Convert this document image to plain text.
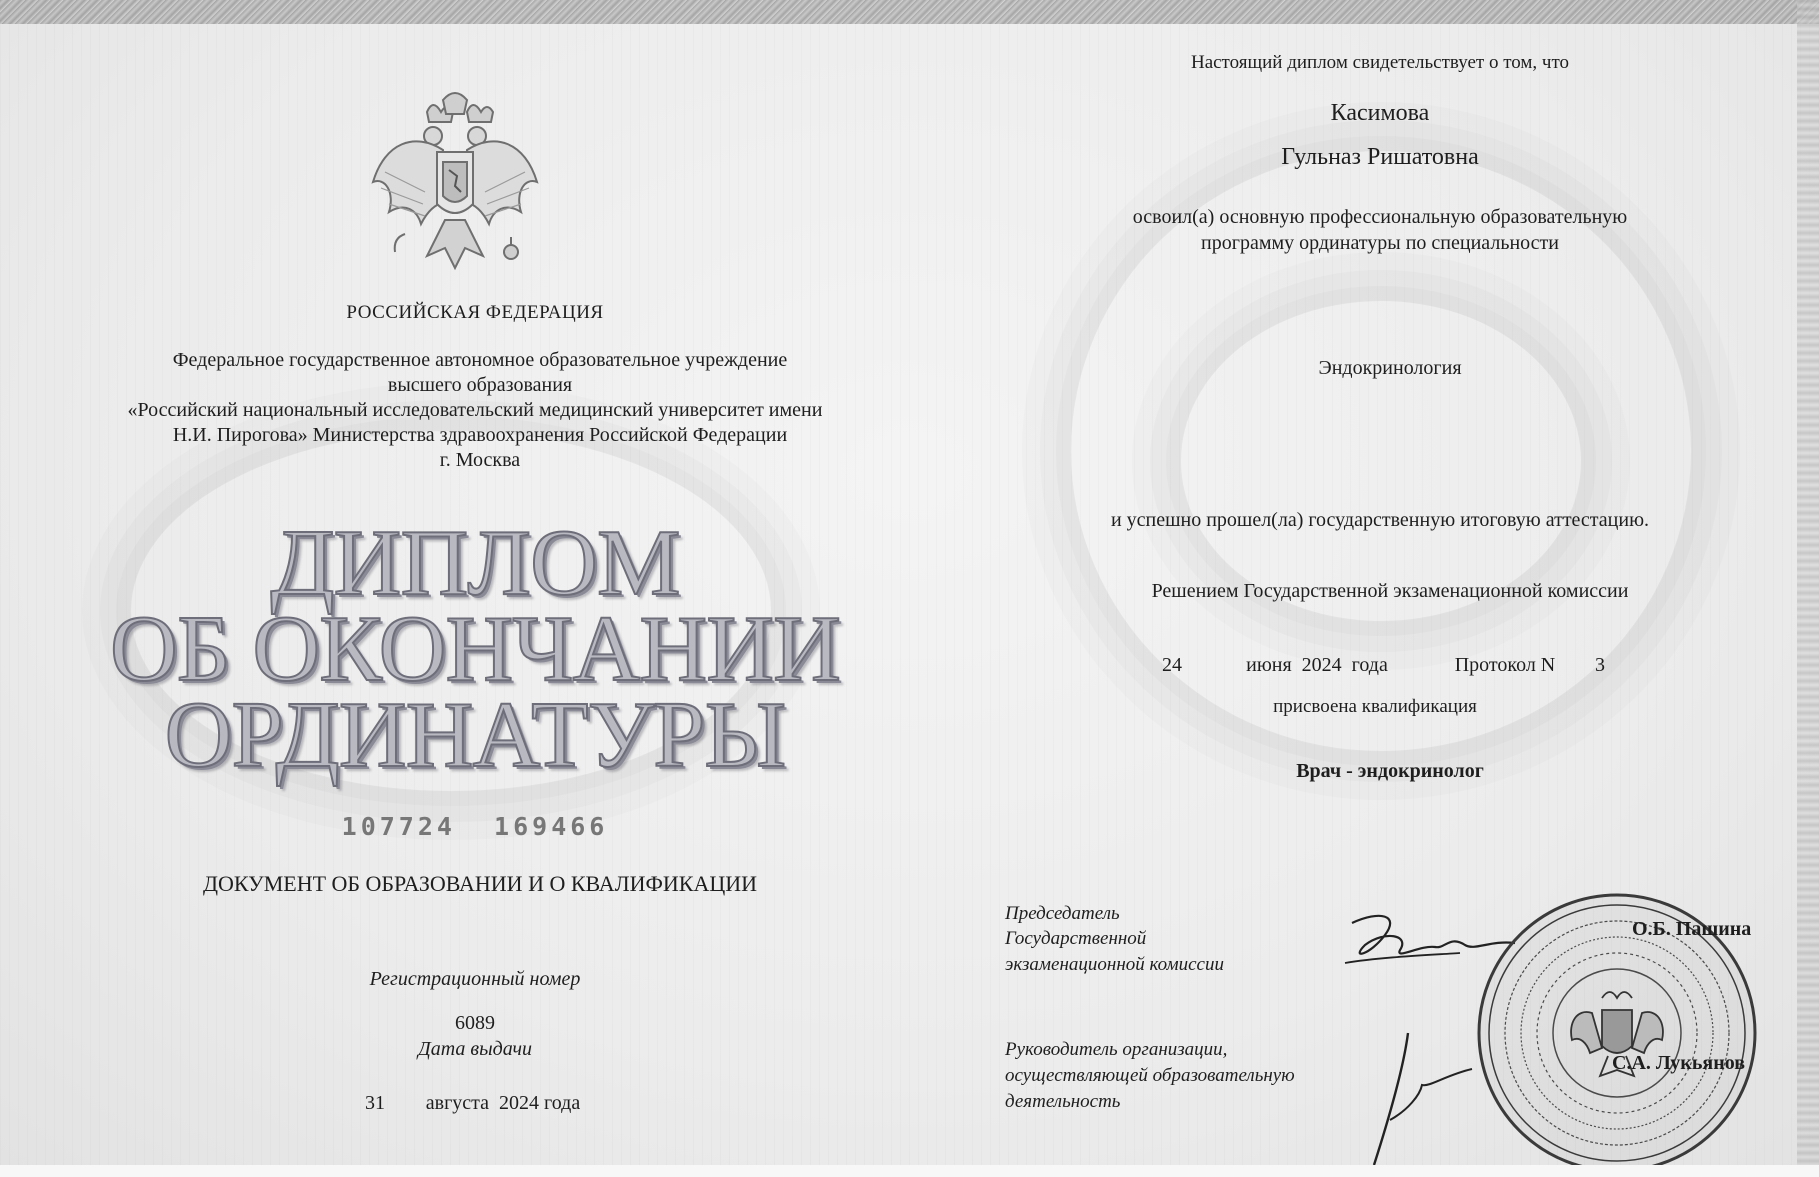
РОССИЙСКАЯ ФЕДЕРАЦИЯ

Федеральное государственное автономное образовательное учреждение

высшего образования

«Российский национальный исследовательский медицинский университет имени

Н.И. Пирогова» Министерства здравоохранения Российской Федерации

г. Москва

ДИПЛОМ
ОБ ОКОНЧАНИИ
ОРДИНАТУРЫ

107724  169466

ДОКУМЕНТ ОБ ОБРАЗОВАНИИ И О КВАЛИФИКАЦИИ

Регистрационный номер

6089

Дата выдачи

31	августа  2024 года

Настоящий диплом свидетельствует о том, что

Касимова

Гульназ Ришатовна

освоил(а) основную профессиональную образовательную

программу ординатуры по специальности

Эндокринология

и успешно прошел(ла) государственную итоговую аттестацию.

Решением Государственной экзаменационной комиссии

24	июня  2024  года	Протокол N	3

присвоена квалификация

Врач - эндокринолог

Председатель

Государственной

экзаменационной комиссии

Руководитель организации,

осуществляющей образовательную

деятельность

О.Б. Пашина

С.А. Лукьянов
